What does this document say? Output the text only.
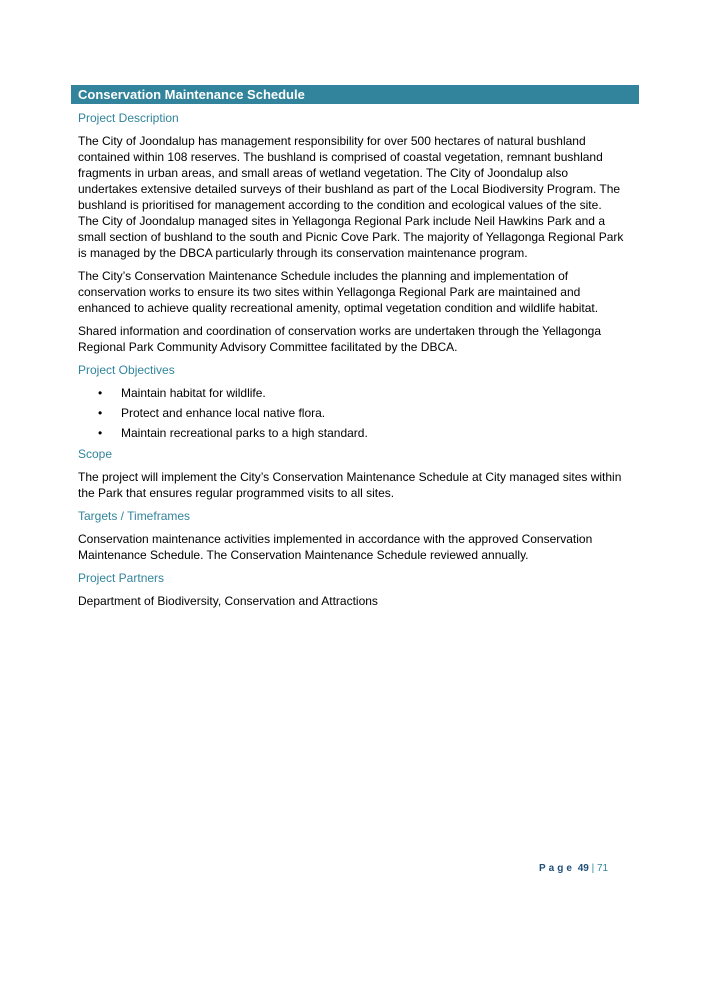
Conservation Maintenance Schedule
Project Description

The City of Joondalup has management responsibility for over 500 hectares of natural bushland contained within 108 reserves. The bushland is comprised of coastal vegetation, remnant bushland fragments in urban areas, and small areas of wetland vegetation. The City of Joondalup also undertakes extensive detailed surveys of their bushland as part of the Local Biodiversity Program. The bushland is prioritised for management according to the condition and ecological values of the site. The City of Joondalup managed sites in Yellagonga Regional Park include Neil Hawkins Park and a small section of bushland to the south and Picnic Cove Park. The majority of Yellagonga Regional Park is managed by the DBCA particularly through its conservation maintenance program.

The City’s Conservation Maintenance Schedule includes the planning and implementation of conservation works to ensure its two sites within Yellagonga Regional Park are maintained and enhanced to achieve quality recreational amenity, optimal vegetation condition and wildlife habitat.

Shared information and coordination of conservation works are undertaken through the Yellagonga Regional Park Community Advisory Committee facilitated by the DBCA.

Project Objectives
• Maintain habitat for wildlife.
• Protect and enhance local native flora.
• Maintain recreational parks to a high standard.
Scope

The project will implement the City’s Conservation Maintenance Schedule at City managed sites within the Park that ensures regular programmed visits to all sites.

Targets / Timeframes

Conservation maintenance activities implemented in accordance with the approved Conservation Maintenance Schedule. The Conservation Maintenance Schedule reviewed annually.

Project Partners

Department of Biodiversity, Conservation and Attractions

Page 49 | 71
